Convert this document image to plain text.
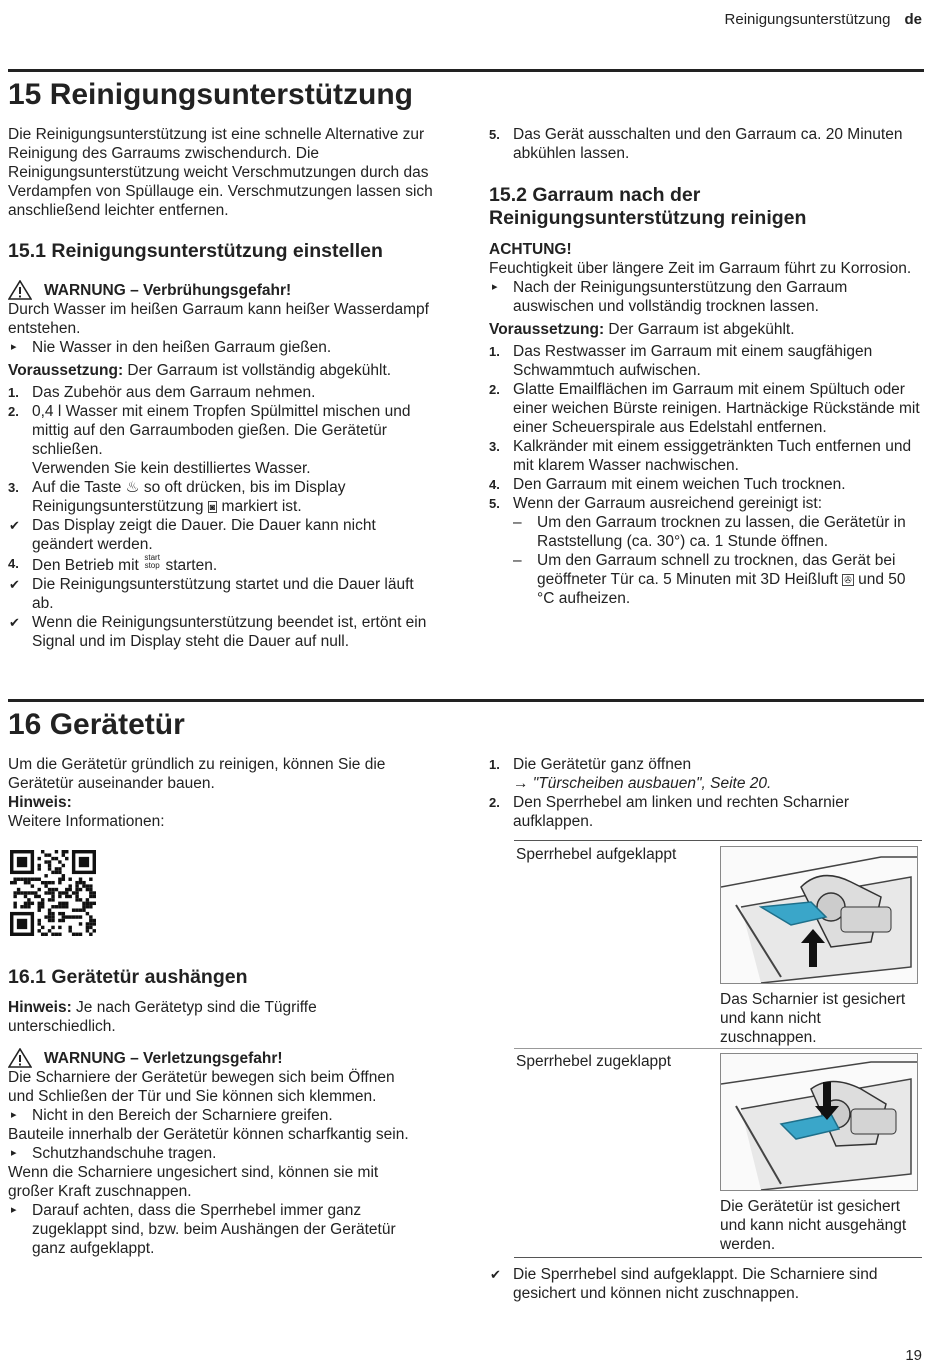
Reinigungsunterstützung de
15 Reinigungsunterstützung

Die Reinigungsunterstützung ist eine schnelle Alternative zur Reinigung des Garraums zwischendurch. Die Reinigungsunterstützung weicht Verschmutzungen durch das Verdampfen von Spüllauge ein. Verschmutzungen lassen sich anschließend leichter entfernen.

15.1 Reinigungsunterstützung einstellen
WARNUNG – Verbrühungsgefahr!

Durch Wasser im heißen Garraum kann heißer Wasserdampf entstehen.

▸ Nie Wasser in den heißen Garraum gießen.

Voraussetzung: Der Garraum ist vollständig abgekühlt.

1. Das Zubehör aus dem Garraum nehmen.
2. 0,4 l Wasser mit einem Tropfen Spülmittel mischen und mittig auf den Garraumboden gießen. Die Gerätetür schließen.
Verwenden Sie kein destilliertes Wasser.
3. Auf die Taste ♨ so oft drücken, bis im Display Reinigungsunterstützung ◙ markiert ist.
✔ Das Display zeigt die Dauer. Die Dauer kann nicht geändert werden.
4. Den Betrieb mit start stop starten.
✔ Die Reinigungsunterstützung startet und die Dauer läuft ab.
✔ Wenn die Reinigungsunterstützung beendet ist, ertönt ein Signal und im Display steht die Dauer auf null.
5. Das Gerät ausschalten und den Garraum ca. 20 Minuten abkühlen lassen.
15.2 Garraum nach der Reinigungsunterstützung reinigen

ACHTUNG!

Feuchtigkeit über längere Zeit im Garraum führt zu Korrosion.

▸ Nach der Reinigungsunterstützung den Garraum auswischen und vollständig trocknen lassen.

Voraussetzung: Der Garraum ist abgekühlt.

1. Das Restwasser im Garraum mit einem saugfähigen Schwammtuch aufwischen.
2. Glatte Emailflächen im Garraum mit einem Spültuch oder einer weichen Bürste reinigen. Hartnäckige Rückstände mit einer Scheuerspirale aus Edelstahl entfernen.
3. Kalkränder mit einem essiggetränkten Tuch entfernen und mit klarem Wasser nachwischen.
4. Den Garraum mit einem weichen Tuch trocknen.
5. Wenn der Garraum ausreichend gereinigt ist:
– Um den Garraum trocknen zu lassen, die Gerätetür in Raststellung (ca. 30°) ca. 1 Stunde öffnen.
– Um den Garraum schnell zu trocknen, das Gerät bei geöffneter Tür ca. 5 Minuten mit 3D Heißluft ✇ und 50 °C aufheizen.
16 Gerätetür

Um die Gerätetür gründlich zu reinigen, können Sie die Gerätetür auseinander bauen.

Hinweis:

Weitere Informationen:

16.1 Gerätetür aushängen

Hinweis: Je nach Gerätetyp sind die Tügriffe unterschiedlich.

WARNUNG – Verletzungsgefahr!

Die Scharniere der Gerätetür bewegen sich beim Öffnen und Schließen der Tür und Sie können sich klemmen.

▸ Nicht in den Bereich der Scharniere greifen.

Bauteile innerhalb der Gerätetür können scharfkantig sein.

▸ Schutzhandschuhe tragen.

Wenn die Scharniere ungesichert sind, können sie mit großer Kraft zuschnappen.

▸ Darauf achten, dass die Sperrhebel immer ganz zugeklappt sind, bzw. beim Aushängen der Gerätetür ganz aufgeklappt.
1. Die Gerätetür ganz öffnen
→ "Türscheiben ausbauen", Seite 20.
2. Den Sperrhebel am linken und rechten Scharnier aufklappen.
Sperrhebel aufgeklappt
Das Scharnier ist gesichert und kann nicht zuschnappen.
Sperrhebel zugeklappt
Die Gerätetür ist gesichert und kann nicht ausgehängt werden.
✔ Die Sperrhebel sind aufgeklappt. Die Scharniere sind gesichert und können nicht zuschnappen.
19
